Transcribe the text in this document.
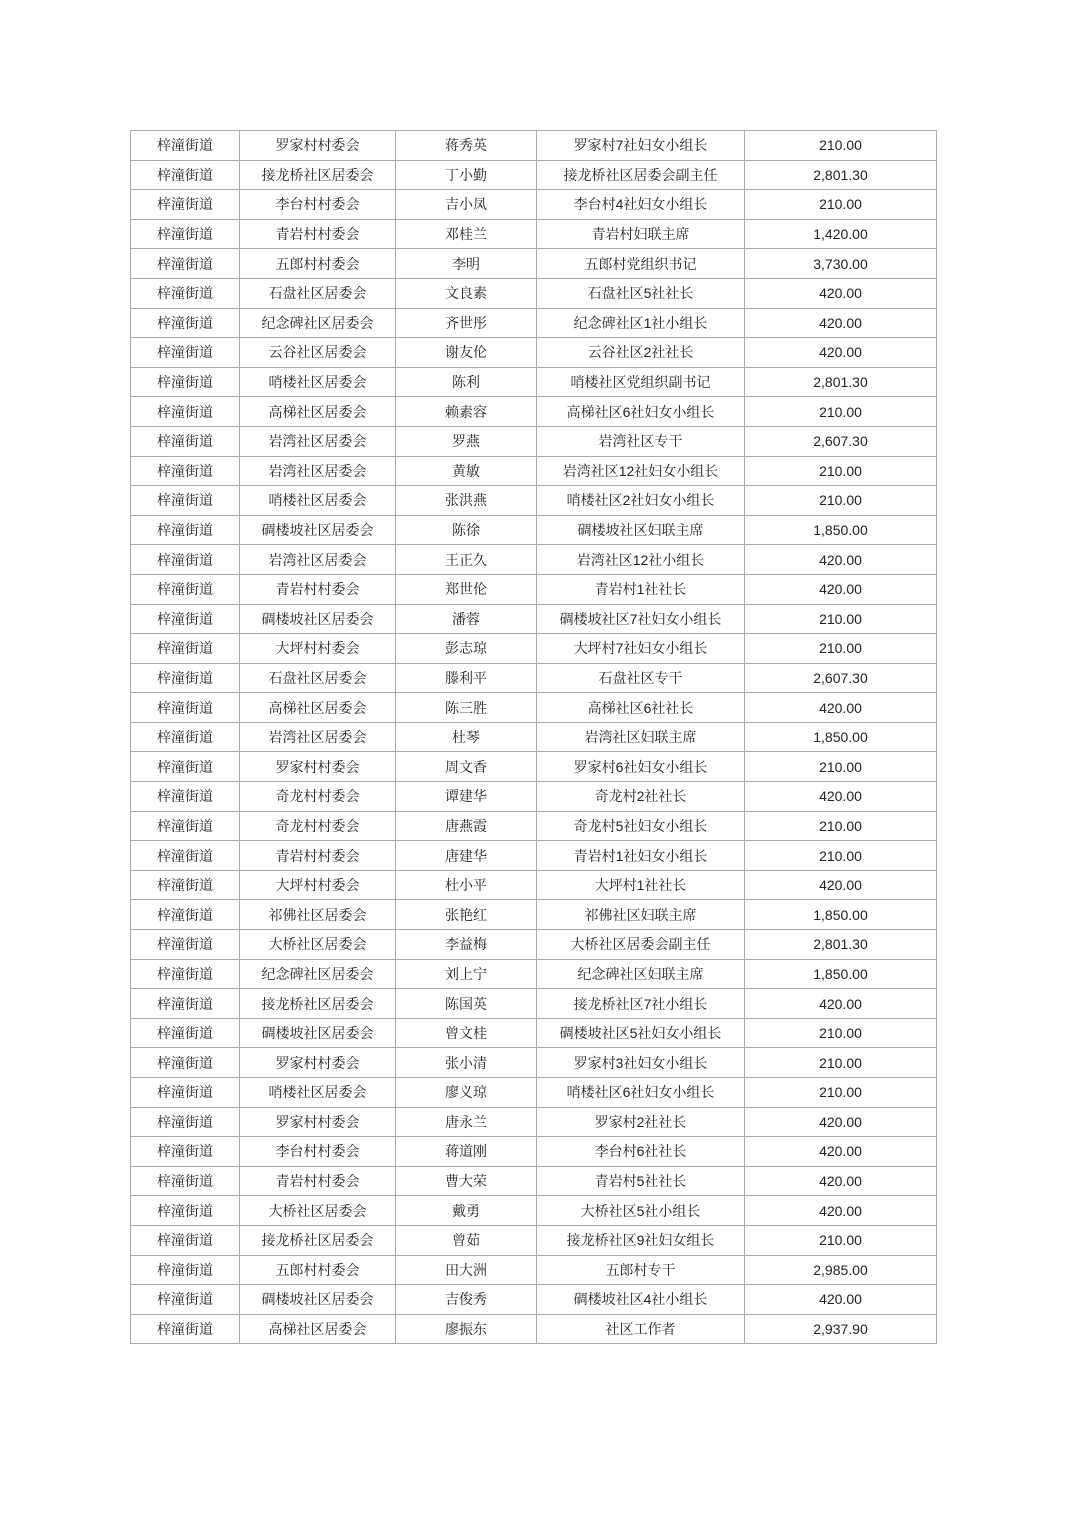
梓潼街道	罗家村村委会	蒋秀英	罗家村7社妇女小组长	210.00
梓潼街道	接龙桥社区居委会	丁小勤	接龙桥社区居委会副主任	2,801.30
梓潼街道	李台村村委会	吉小凤	李台村4社妇女小组长	210.00
梓潼街道	青岩村村委会	邓桂兰	青岩村妇联主席	1,420.00
梓潼街道	五郎村村委会	李明	五郎村党组织书记	3,730.00
梓潼街道	石盘社区居委会	文良素	石盘社区5社社长	420.00
梓潼街道	纪念碑社区居委会	齐世彤	纪念碑社区1社小组长	420.00
梓潼街道	云谷社区居委会	谢友伦	云谷社区2社社长	420.00
梓潼街道	哨楼社区居委会	陈利	哨楼社区党组织副书记	2,801.30
梓潼街道	高梯社区居委会	赖素容	高梯社区6社妇女小组长	210.00
梓潼街道	岩湾社区居委会	罗燕	岩湾社区专干	2,607.30
梓潼街道	岩湾社区居委会	黄敏	岩湾社区12社妇女小组长	210.00
梓潼街道	哨楼社区居委会	张洪燕	哨楼社区2社妇女小组长	210.00
梓潼街道	碉楼坡社区居委会	陈徐	碉楼坡社区妇联主席	1,850.00
梓潼街道	岩湾社区居委会	王正久	岩湾社区12社小组长	420.00
梓潼街道	青岩村村委会	郑世伦	青岩村1社社长	420.00
梓潼街道	碉楼坡社区居委会	潘蓉	碉楼坡社区7社妇女小组长	210.00
梓潼街道	大坪村村委会	彭志琼	大坪村7社妇女小组长	210.00
梓潼街道	石盘社区居委会	滕利平	石盘社区专干	2,607.30
梓潼街道	高梯社区居委会	陈三胜	高梯社区6社社长	420.00
梓潼街道	岩湾社区居委会	杜琴	岩湾社区妇联主席	1,850.00
梓潼街道	罗家村村委会	周文香	罗家村6社妇女小组长	210.00
梓潼街道	奇龙村村委会	谭建华	奇龙村2社社长	420.00
梓潼街道	奇龙村村委会	唐燕霞	奇龙村5社妇女小组长	210.00
梓潼街道	青岩村村委会	唐建华	青岩村1社妇女小组长	210.00
梓潼街道	大坪村村委会	杜小平	大坪村1社社长	420.00
梓潼街道	祁佛社区居委会	张艳红	祁佛社区妇联主席	1,850.00
梓潼街道	大桥社区居委会	李益梅	大桥社区居委会副主任	2,801.30
梓潼街道	纪念碑社区居委会	刘上宁	纪念碑社区妇联主席	1,850.00
梓潼街道	接龙桥社区居委会	陈国英	接龙桥社区7社小组长	420.00
梓潼街道	碉楼坡社区居委会	曾文桂	碉楼坡社区5社妇女小组长	210.00
梓潼街道	罗家村村委会	张小清	罗家村3社妇女小组长	210.00
梓潼街道	哨楼社区居委会	廖义琼	哨楼社区6社妇女小组长	210.00
梓潼街道	罗家村村委会	唐永兰	罗家村2社社长	420.00
梓潼街道	李台村村委会	蒋道刚	李台村6社社长	420.00
梓潼街道	青岩村村委会	曹大荣	青岩村5社社长	420.00
梓潼街道	大桥社区居委会	戴勇	大桥社区5社小组长	420.00
梓潼街道	接龙桥社区居委会	曾茹	接龙桥社区9社妇女组长	210.00
梓潼街道	五郎村村委会	田大洲	五郎村专干	2,985.00
梓潼街道	碉楼坡社区居委会	吉俊秀	碉楼坡社区4社小组长	420.00
梓潼街道	高梯社区居委会	廖振东	社区工作者	2,937.90
